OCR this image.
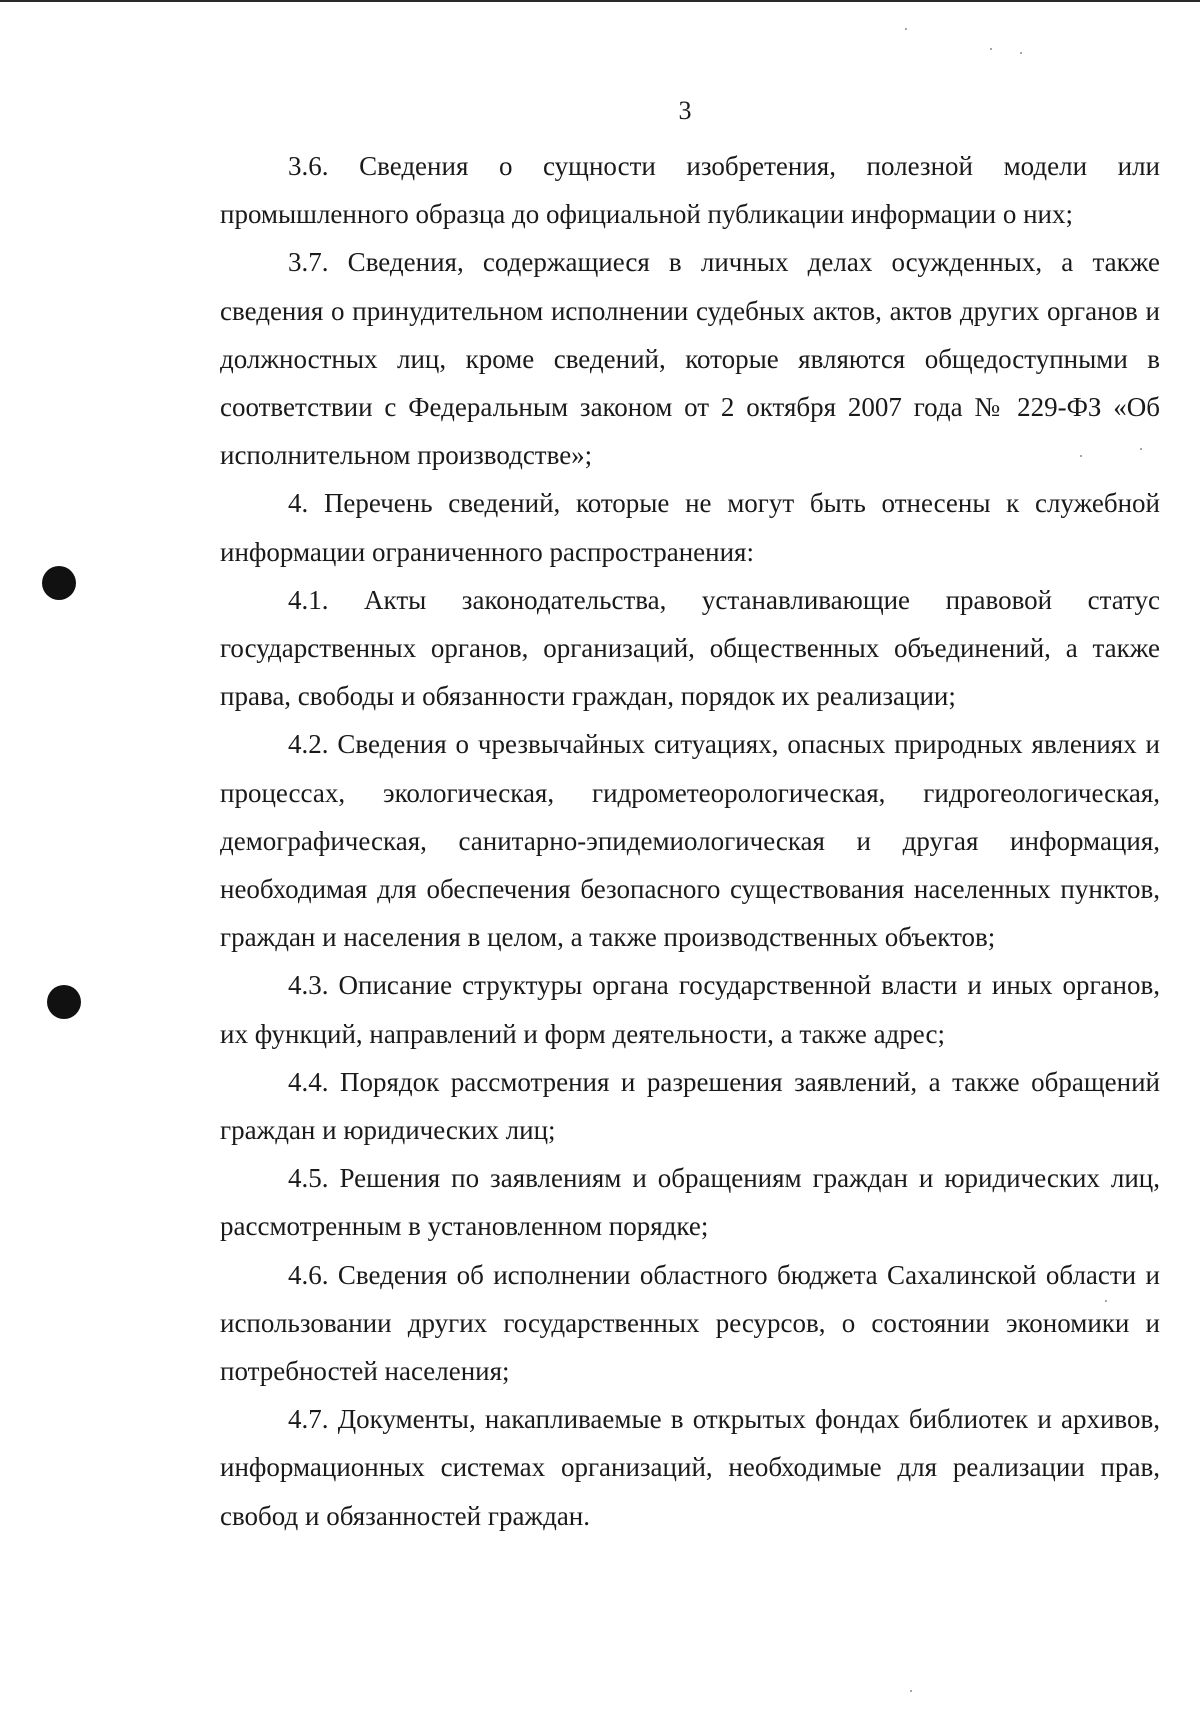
3

3.6. Сведения о сущности изобретения, полезной модели или промышленного образца до официальной публикации информации о них;

3.7. Сведения, содержащиеся в личных делах осужденных, а также сведения о принудительном исполнении судебных актов, актов других органов и должностных лиц, кроме сведений, которые являются общедоступными в соответствии с Федеральным законом от 2 октября 2007 года № 229-ФЗ «Об исполнительном производстве»;

4. Перечень сведений, которые не могут быть отнесены к служебной информации ограниченного распространения:

4.1. Акты законодательства, устанавливающие правовой статус государственных органов, организаций, общественных объединений, а также права, свободы и обязанности граждан, порядок их реализации;

4.2. Сведения о чрезвычайных ситуациях, опасных природных явлениях и процессах, экологическая, гидрометеорологическая, гидрогеологическая, демографическая, санитарно-эпидемиологическая и другая информация, необходимая для обеспечения безопасного существования населенных пунктов, граждан и населения в целом, а также производственных объектов;

4.3. Описание структуры органа государственной власти и иных органов, их функций, направлений и форм деятельности, а также адрес;

4.4. Порядок рассмотрения и разрешения заявлений, а также обращений граждан и юридических лиц;

4.5. Решения по заявлениям и обращениям граждан и юридических лиц, рассмотренным в установленном порядке;

4.6. Сведения об исполнении областного бюджета Сахалинской области и использовании других государственных ресурсов, о состоянии экономики и потребностей населения;

4.7. Документы, накапливаемые в открытых фондах библиотек и архивов, информационных системах организаций, необходимые для реализации прав, свобод и обязанностей граждан.
